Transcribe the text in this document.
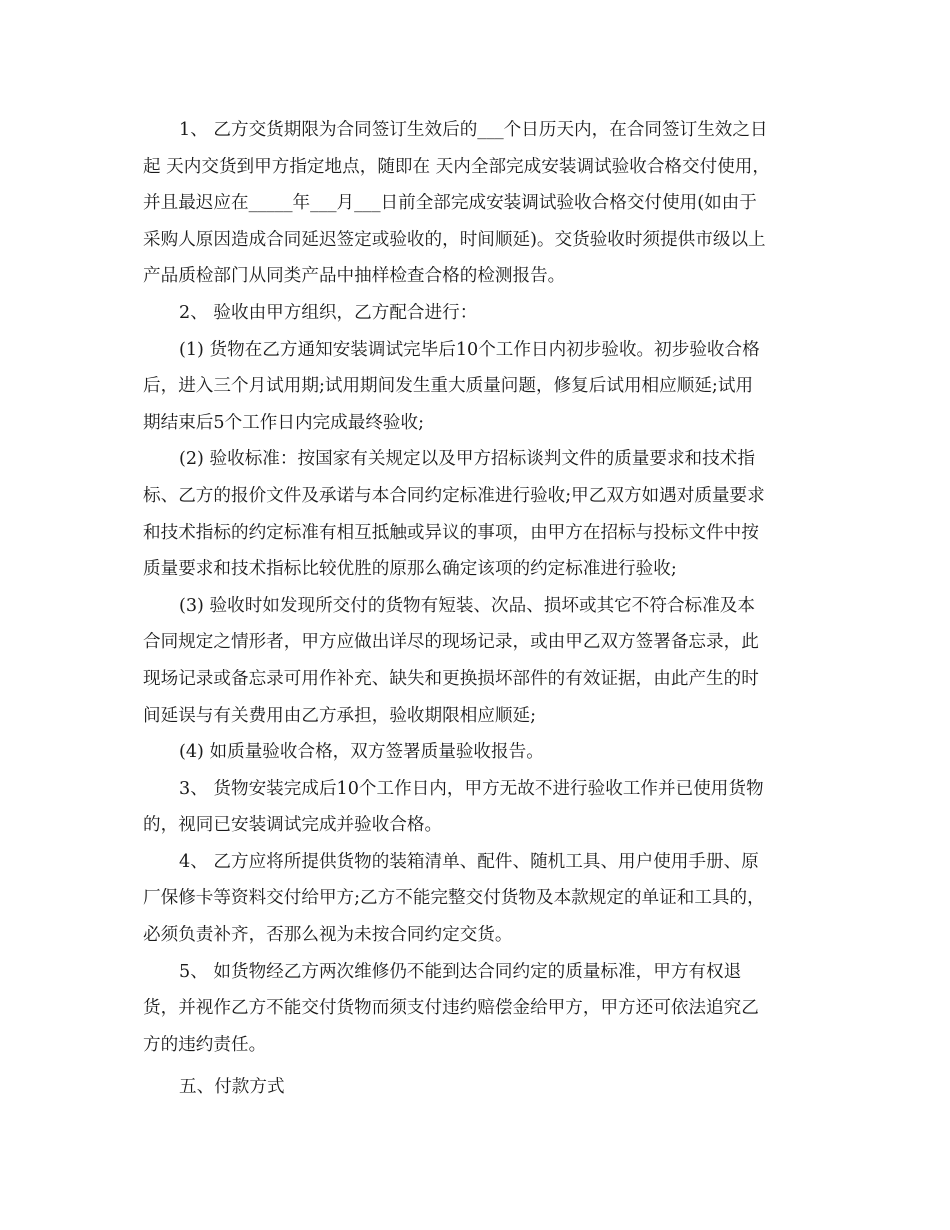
1、 乙方交货期限为合同签订生效后的___个日历天内，在合同签订生效之日
起 天内交货到甲方指定地点，随即在 天内全部完成安装调试验收合格交付使用，
并且最迟应在_____年___月___日前全部完成安装调试验收合格交付使用(如由于
采购人原因造成合同延迟签定或验收的，时间顺延)。交货验收时须提供市级以上
产品质检部门从同类产品中抽样检查合格的检测报告。

2、 验收由甲方组织，乙方配合进行：

(1) 货物在乙方通知安装调试完毕后10个工作日内初步验收。初步验收合格
后，进入三个月试用期;试用期间发生重大质量问题，修复后试用相应顺延;试用
期结束后5个工作日内完成最终验收;

(2) 验收标准：按国家有关规定以及甲方招标谈判文件的质量要求和技术指
标、乙方的报价文件及承诺与本合同约定标准进行验收;甲乙双方如遇对质量要求
和技术指标的约定标准有相互抵触或异议的事项，由甲方在招标与投标文件中按
质量要求和技术指标比较优胜的原那么确定该项的约定标准进行验收;

(3) 验收时如发现所交付的货物有短装、次品、损坏或其它不符合标准及本
合同规定之情形者，甲方应做出详尽的现场记录，或由甲乙双方签署备忘录，此
现场记录或备忘录可用作补充、缺失和更换损坏部件的有效证据，由此产生的时
间延误与有关费用由乙方承担，验收期限相应顺延;

(4) 如质量验收合格，双方签署质量验收报告。

3、 货物安装完成后10个工作日内，甲方无故不进行验收工作并已使用货物
的，视同已安装调试完成并验收合格。

4、 乙方应将所提供货物的装箱清单、配件、随机工具、用户使用手册、原
厂保修卡等资料交付给甲方;乙方不能完整交付货物及本款规定的单证和工具的，
必须负责补齐，否那么视为未按合同约定交货。

5、 如货物经乙方两次维修仍不能到达合同约定的质量标准，甲方有权退
货，并视作乙方不能交付货物而须支付违约赔偿金给甲方，甲方还可依法追究乙
方的违约责任。

五、付款方式
